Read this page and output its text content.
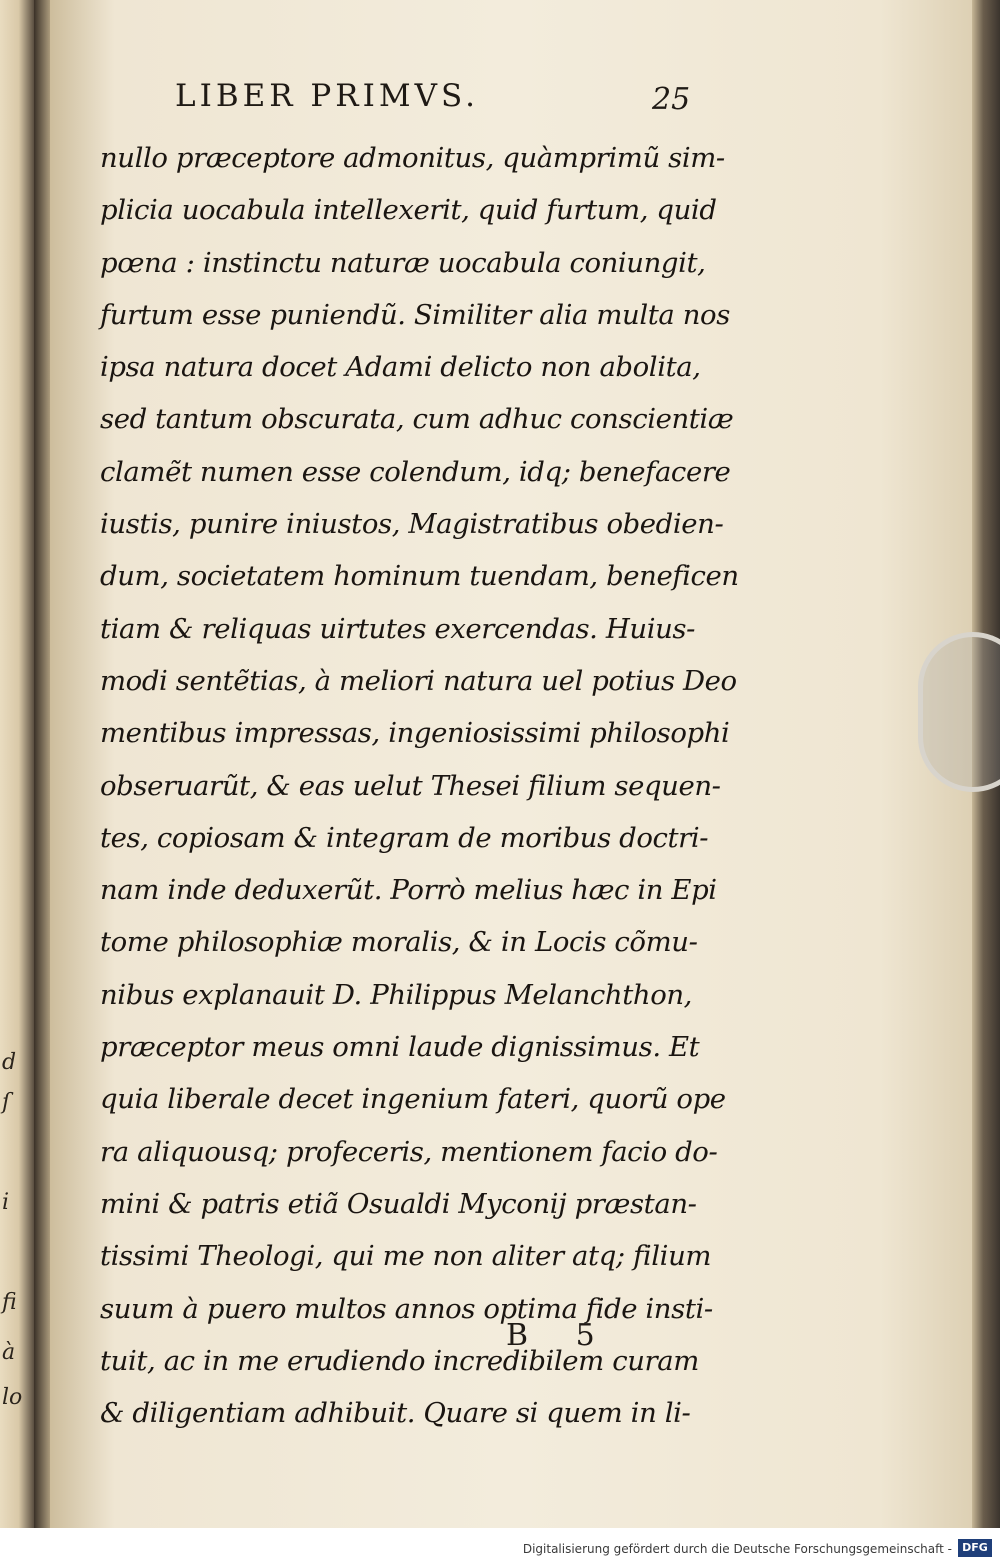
d
ſ
i
fi
à
lo
LIBER PRIMVS.	25
nullo præceptore admonitus, quàmprimũ sim-
plicia uocabula intellexerit, quid furtum, quid
pœna : instinctu naturæ uocabula coniungit,
furtum esse puniendũ. Similiter alia multa nos
ipsa natura docet Adami delicto non abolita,
sed tantum obscurata, cum adhuc conscientiæ
clamẽt numen esse colendum, idq; benefacere
iustis, punire iniustos, Magistratibus obedien-
dum, societatem hominum tuendam, beneficen
tiam & reliquas uirtutes exercendas. Huius-
modi sentẽtias, à meliori natura uel potius Deo
mentibus impressas, ingeniosissimi philosophi
obseruarũt, & eas uelut Thesei filium sequen-
tes, copiosam & integram de moribus doctri-
nam inde deduxerũt. Porrò melius hæc in Epi
tome philosophiæ moralis, & in Locis cõmu-
nibus explanauit D. Philippus Melanchthon,
præceptor meus omni laude dignissimus. Et
quia liberale decet ingenium fateri, quorũ ope
ra aliquousq; profeceris, mentionem facio do-
mini & patris etiã Osualdi Myconij præstan-
tissimi Theologi, qui me non aliter atq; filium
suum à puero multos annos optima fide insti-
tuit, ac in me erudiendo incredibilem curam
& diligentiam adhibuit. Quare si quem in li-
B 5
Digitalisierung gefördert durch die Deutsche Forschungsgemeinschaft - DFG
